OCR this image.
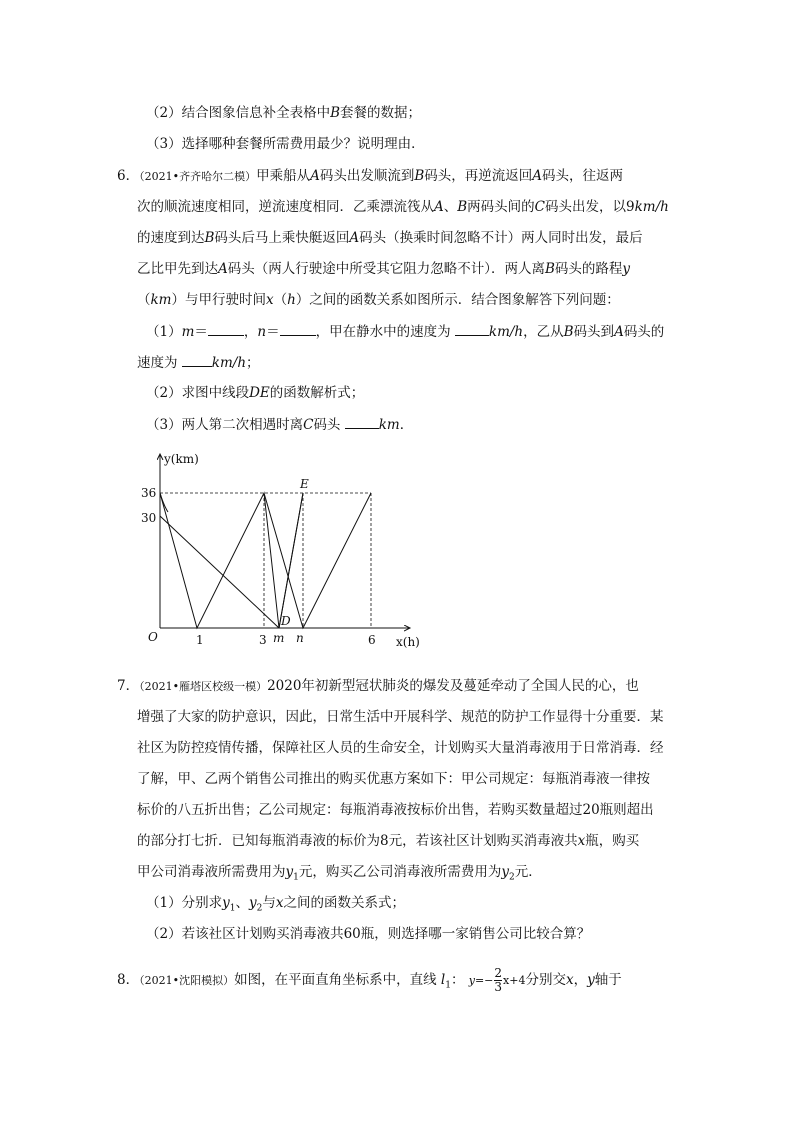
（2）结合图象信息补全表格中B套餐的数据；
（3）选择哪种套餐所需费用最少？说明理由．
6．（2021•齐齐哈尔二模）甲乘船从A码头出发顺流到B码头，再逆流返回A码头，往返两
次的顺流速度相同，逆流速度相同．乙乘漂流筏从A、B两码头间的C码头出发，以9km/h
的速度到达B码头后马上乘快艇返回A码头（换乘时间忽略不计）两人同时出发，最后
乙比甲先到达A码头（两人行驶途中所受其它阻力忽略不计）．两人离B码头的路程y
（km）与甲行驶时间x（h）之间的函数关系如图所示．结合图象解答下列问题：
（1）m＝	，n＝	，甲在静水中的速度为	km/h，乙从B码头到A码头的
速度为	km/h；
（2）求图中线段DE的函数解析式；
（3）两人第二次相遇时离C码头	km．
y(km)
x(h)
O
36
30
1	3 m n	6
D
E
7．（2021•雁塔区校级一模）2020年初新型冠状肺炎的爆发及蔓延牵动了全国人民的心，也
增强了大家的防护意识，因此，日常生活中开展科学、规范的防护工作显得十分重要．某
社区为防控疫情传播，保障社区人员的生命安全，计划购买大量消毒液用于日常消毒．经
了解，甲、乙两个销售公司推出的购买优惠方案如下：甲公司规定：每瓶消毒液一律按
标价的八五折出售；乙公司规定：每瓶消毒液按标价出售，若购买数量超过20瓶则超出
的部分打七折．已知每瓶消毒液的标价为8元，若该社区计划购买消毒液共x瓶，购买
甲公司消毒液所需费用为$y_1$元，购买乙公司消毒液所需费用为$y_2$元．
（1）分别求$y_1$、$y_2$与x之间的函数关系式；
（2）若该社区计划购买消毒液共60瓶，则选择哪一家销售公司比较合算？
8．（2021•沈阳模拟）如图，在平面直角坐标系中，直线 $l_1$： $y=- \frac{2}{3} x+4$分别交x，y轴于
